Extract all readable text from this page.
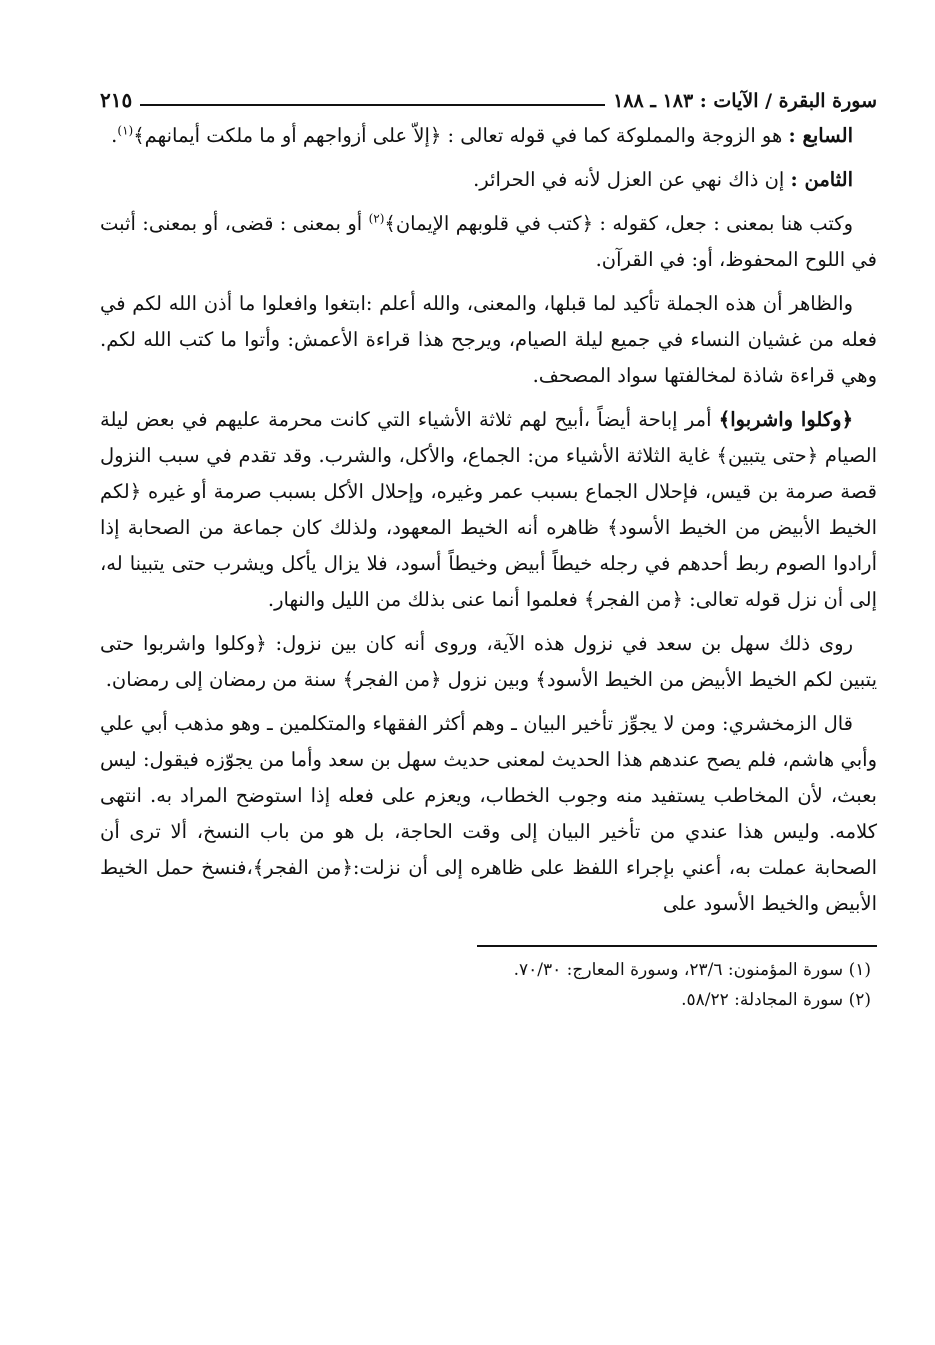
سورة البقرة / الآيات : ١٨٣ ـ ١٨٨
٢١٥

السابع : هو الزوجة والمملوكة كما في قوله تعالى : ﴿إلاّ على أزواجهم أو ما ملكت أيمانهم﴾$^{(١)}$.

الثامن : إن ذاك نهي عن العزل لأنه في الحرائر.

وكتب هنا بمعنى : جعل، كقوله : ﴿كتب في قلوبهم الإيمان﴾$^{(٢)}$ أو بمعنى : قضى، أو بمعنى: أثبت في اللوح المحفوظ، أو: في القرآن.

والظاهر أن هذه الجملة تأكيد لما قبلها، والمعنى، والله أعلم :ابتغوا وافعلوا ما أذن الله لكم في فعله من غشيان النساء في جميع ليلة الصيام، ويرجح هذا قراءة الأعمش: وأتوا ما كتب الله لكم. وهي قراءة شاذة لمخالفتها سواد المصحف.

﴿وكلوا واشربوا﴾ أمر إباحة أيضاً ،أبيح لهم ثلاثة الأشياء التي كانت محرمة عليهم في بعض ليلة الصيام ﴿حتى يتبين﴾ غاية الثلاثة الأشياء من: الجماع، والأكل، والشرب. وقد تقدم في سبب النزول قصة صرمة بن قيس، فإحلال الجماع بسبب عمر وغيره، وإحلال الأكل بسبب صرمة أو غيره ﴿لكم الخيط الأبيض من الخيط الأسود﴾ ظاهره أنه الخيط المعهود، ولذلك كان جماعة من الصحابة إذا أرادوا الصوم ربط أحدهم في رجله خيطاً أبيض وخيطاً أسود، فلا يزال يأكل ويشرب حتى يتبينا له، إلى أن نزل قوله تعالى: ﴿من الفجر﴾ فعلموا أنما عنى بذلك من الليل والنهار.

روى ذلك سهل بن سعد في نزول هذه الآية، وروى أنه كان بين نزول: ﴿وكلوا واشربوا حتى يتبين لكم الخيط الأبيض من الخيط الأسود﴾ وبين نزول ﴿من الفجر﴾ سنة من رمضان إلى رمضان.

قال الزمخشري: ومن لا يجوِّز تأخير البيان ـ وهم أكثر الفقهاء والمتكلمين ـ وهو مذهب أبي علي وأبي هاشم، فلم يصح عندهم هذا الحديث لمعنى حديث سهل بن سعد وأما من يجوّزه فيقول: ليس بعبث، لأن المخاطب يستفيد منه وجوب الخطاب، ويعزم على فعله إذا استوضح المراد به. انتهى كلامه. وليس هذا عندي من تأخير البيان إلى وقت الحاجة، بل هو من باب النسخ، ألا ترى أن الصحابة عملت به، أعني بإجراء اللفظ على ظاهره إلى أن نزلت:﴿من الفجر﴾،فنسخ حمل الخيط الأبيض والخيط الأسود على

(١) سورة المؤمنون: ٢٣/٦، وسورة المعارج: ٧٠/٣٠.

(٢) سورة المجادلة: ٥٨/٢٢.
